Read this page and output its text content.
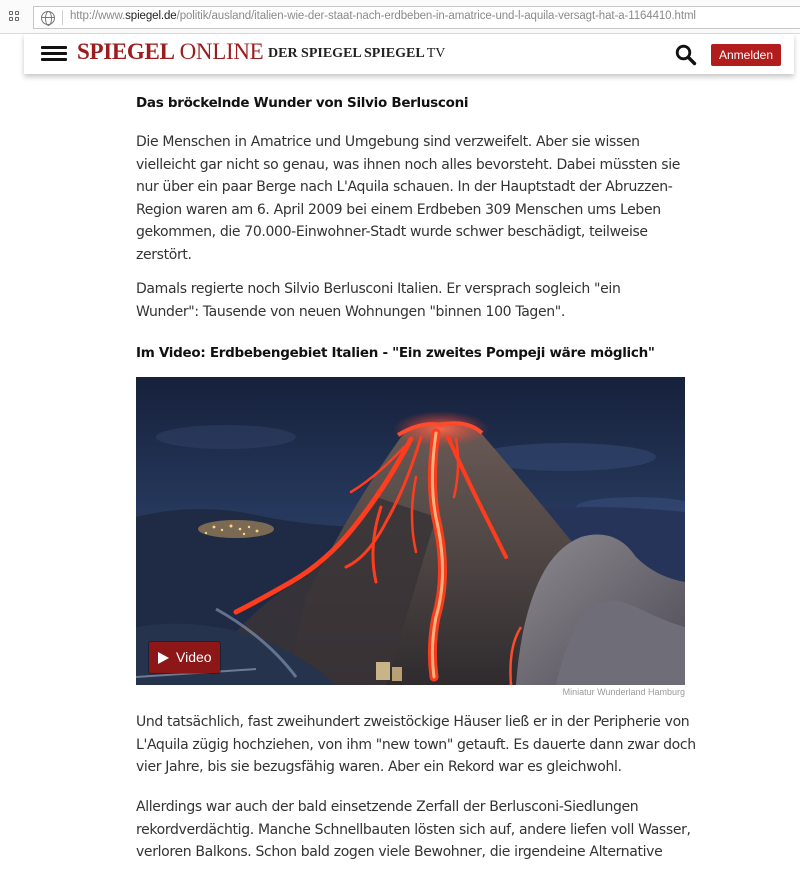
http://www.spiegel.de/politik/ausland/italien-wie-der-staat-nach-erdbeben-in-amatrice-und-l-aquila-versagt-hat-a-1164410.html
SPIEGEL ONLINE DER SPIEGEL SPIEGEL TV	Anmelden
Das bröckelnde Wunder von Silvio Berlusconi

Die Menschen in Amatrice und Umgebung sind verzweifelt. Aber sie wissen vielleicht gar nicht so genau, was ihnen noch alles bevorsteht. Dabei müssten sie nur über ein paar Berge nach L'Aquila schauen. In der Hauptstadt der Abruzzen-Region waren am 6. April 2009 bei einem Erdbeben 309 Menschen ums Leben gekommen, die 70.000-Einwohner-Stadt wurde schwer beschädigt, teilweise zerstört.

Damals regierte noch Silvio Berlusconi Italien. Er versprach sogleich "ein Wunder": Tausende von neuen Wohnungen "binnen 100 Tagen".

Im Video: Erdbebengebiet Italien - "Ein zweites Pompeji wäre möglich"
Video
Miniatur Wunderland Hamburg

Und tatsächlich, fast zweihundert zweistöckige Häuser ließ er in der Peripherie von L'Aquila zügig hochziehen, von ihm "new town" getauft. Es dauerte dann zwar doch vier Jahre, bis sie bezugsfähig waren. Aber ein Rekord war es gleichwohl.

Allerdings war auch der bald einsetzende Zerfall der Berlusconi-Siedlungen rekordverdächtig. Manche Schnellbauten lösten sich auf, andere liefen voll Wasser, verloren Balkons. Schon bald zogen viele Bewohner, die irgendeine Alternative
